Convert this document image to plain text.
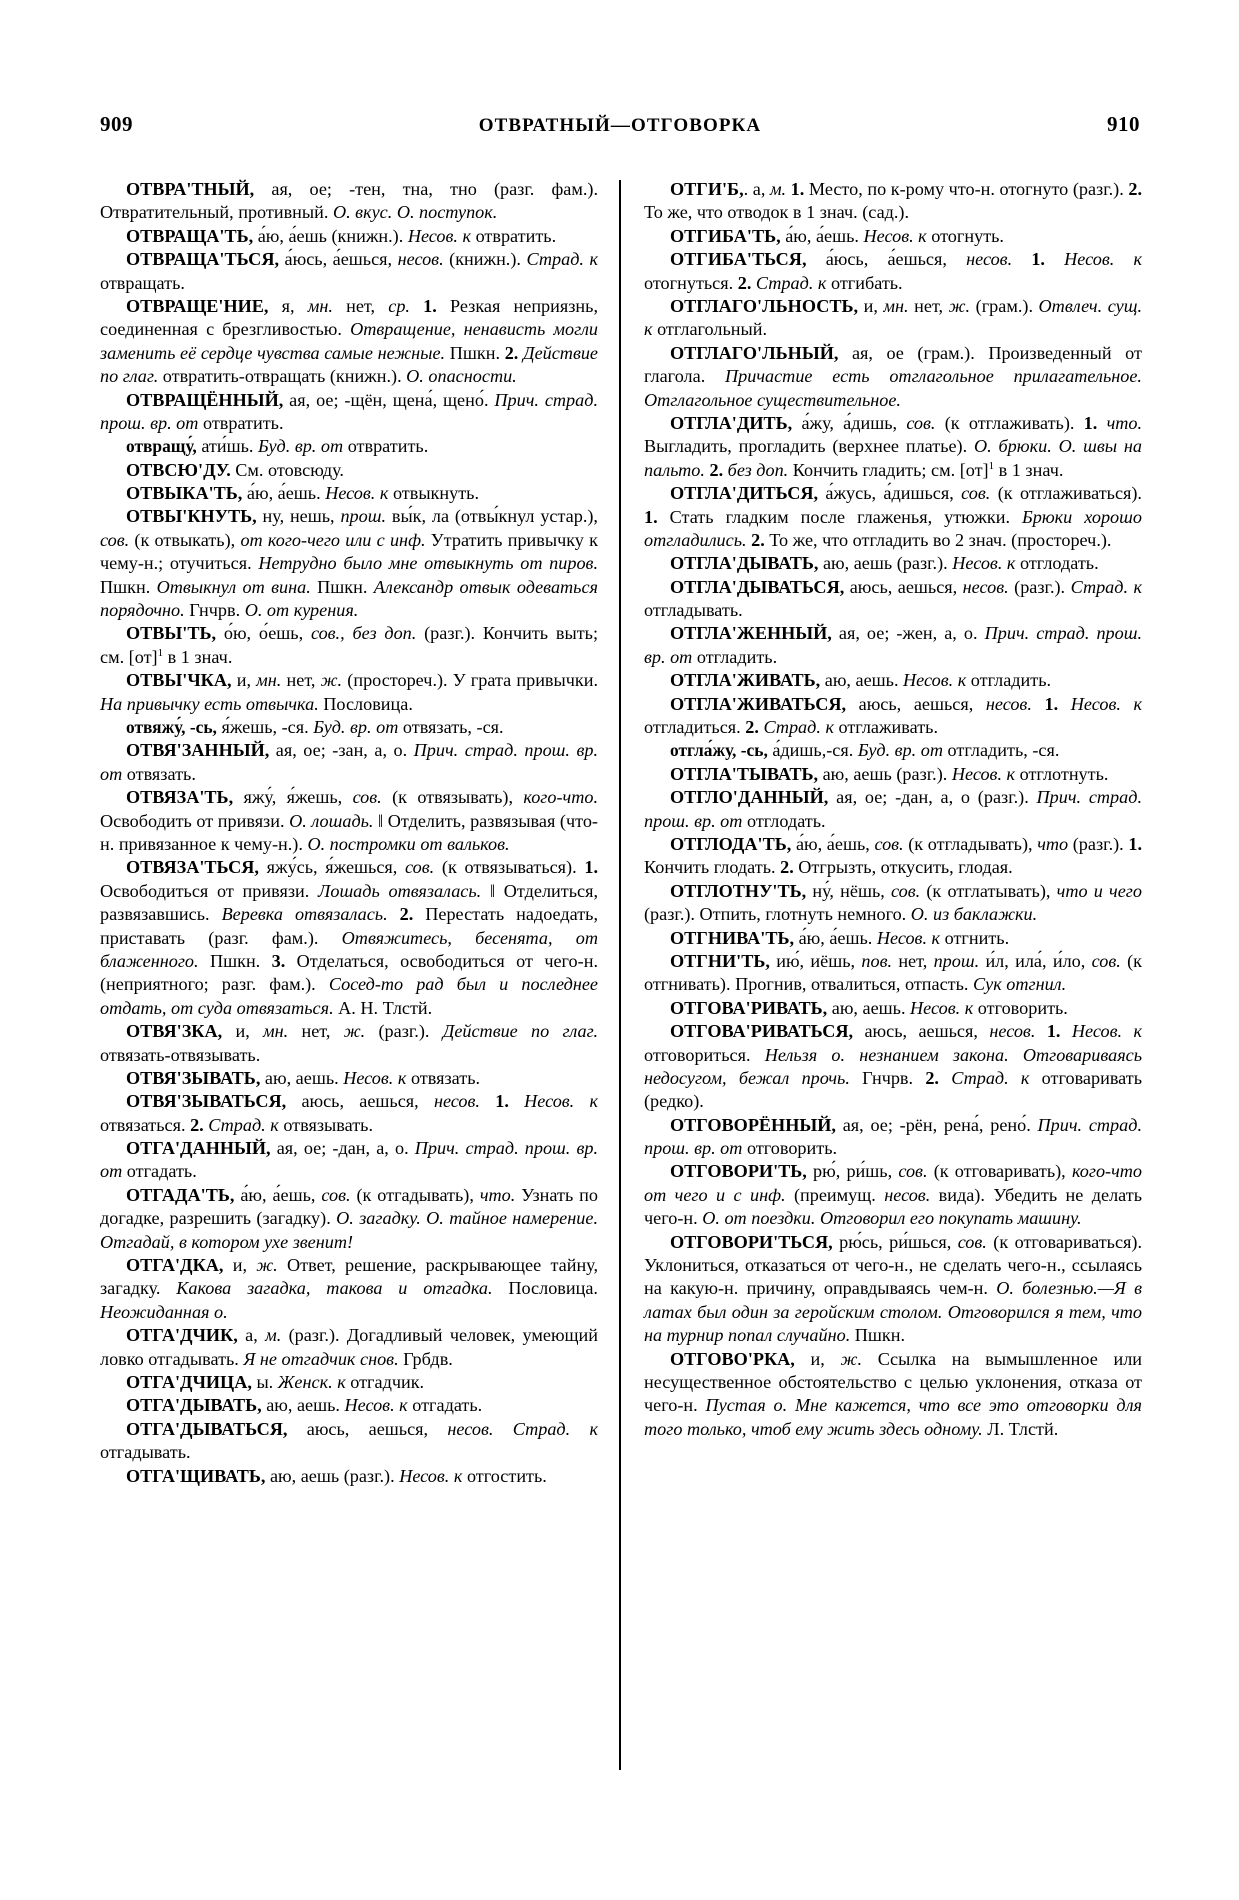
909	ОТВРАТНЫЙ—ОТГОВОРКА	910

ОТВРА'ТНЫЙ, ая, ое; -тен, тна, тно (разг. фам.). Отвратительный, противный. О. вкус. О. поступок.

ОТВРАЩА'ТЬ, а́ю, а́ешь (книжн.). Несов. к отвратить.

ОТВРАЩА'ТЬСЯ, а́юсь, а́ешься, несов. (книжн.). Страд. к отвращать.

ОТВРАЩЕ'НИЕ, я, мн. нет, ср. 1. Резкая неприязнь, соединенная с брезгливостью. Отвращение, ненависть могли заменить её сердце чувства самые нежные. Пшкн. 2. Действие по глаг. отвратить-отвращать (книжн.). О. опасности.

ОТВРАЩЁННЫЙ, ая, ое; -щён, щена́, щено́. Прич. страд. прош. вр. от отвратить.

отвращу́, ати́шь. Буд. вр. от отвратить.

ОТВСЮ'ДУ. См. отовсюду.

ОТВЫКА'ТЬ, а́ю, а́ешь. Несов. к отвыкнуть.

ОТВЫ'КНУТЬ, ну, нешь, прош. вы́к, ла (отвы́кнул устар.), сов. (к отвыкать), от кого-чего или с инф. Утратить привычку к чему-н.; отучиться. Нетрудно было мне отвыкнуть от пиров. Пшкн. Отвыкнул от вина. Пшкн. Александр отвык одеваться порядочно. Гнчрв. О. от курения.

ОТВЫ'ТЬ, о́ю, о́ешь, сов., без доп. (разг.). Кончить выть; см. [от]$^1$ в 1 знач.

ОТВЫ'ЧКА, и, мн. нет, ж. (простореч.). У грата привычки. На привычку есть отвычка. Пословица.

отвяжу́, -сь, я́жешь, -ся. Буд. вр. от отвязать, -ся.

ОТВЯ'ЗАННЫЙ, ая, ое; -зан, а, о. Прич. страд. прош. вр. от отвязать.

ОТВЯЗА'ТЬ, яжу́, я́жешь, сов. (к отвязывать), кого-что. Освободить от привязи. О. лошадь. ‖ Отделить, развязывая (что-н. привязанное к чему-н.). О. постромки от вальков.

ОТВЯЗА'ТЬСЯ, яжу́сь, я́жешься, сов. (к отвязываться). 1. Освободиться от привязи. Лошадь отвязалась. ‖ Отделиться, развязавшись. Веревка отвязалась. 2. Перестать надоедать, приставать (разг. фам.). Отвяжитесь, бесенята, от блаженного. Пшкн. 3. Отделаться, освободиться от чего-н. (неприятного; разг. фам.). Сосед-то рад был и последнее отдать, от суда отвязаться. А. Н. Тлстй.

ОТВЯ'ЗКА, и, мн. нет, ж. (разг.). Действие по глаг. отвязать-отвязывать.

ОТВЯ'ЗЫВАТЬ, аю, аешь. Несов. к отвязать.

ОТВЯ'ЗЫВАТЬСЯ, аюсь, аешься, несов. 1. Несов. к отвязаться. 2. Страд. к отвязывать.

ОТГА'ДАННЫЙ, ая, ое; -дан, а, о. Прич. страд. прош. вр. от отгадать.

ОТГАДА'ТЬ, а́ю, а́ешь, сов. (к отгадывать), что. Узнать по догадке, разрешить (загадку). О. загадку. О. тайное намерение. Отгадай, в котором ухе звенит!

ОТГА'ДКА, и, ж. Ответ, решение, раскрывающее тайну, загадку. Какова загадка, такова и отгадка. Пословица. Неожиданная о.

ОТГА'ДЧИК, а, м. (разг.). Догадливый человек, умеющий ловко отгадывать. Я не отгадчик снов. Грбдв.

ОТГА'ДЧИЦА, ы. Женск. к отгадчик.

ОТГА'ДЫВАТЬ, аю, аешь. Несов. к отгадать.

ОТГА'ДЫВАТЬСЯ, аюсь, аешься, несов. Страд. к отгадывать.

ОТГА'ЩИВАТЬ, аю, аешь (разг.). Несов. к отгостить.

ОТГИ'Б,. а, м. 1. Место, по к-рому что-н. отогнуто (разг.). 2. То же, что отводок в 1 знач. (сад.).

ОТГИБА'ТЬ, а́ю, а́ешь. Несов. к отогнуть.

ОТГИБА'ТЬСЯ, а́юсь, а́ешься, несов. 1. Несов. к отогнуться. 2. Страд. к отгибать.

ОТГЛАГО'ЛЬНОСТЬ, и, мн. нет, ж. (грам.). Отвлеч. сущ. к отглагольный.

ОТГЛАГО'ЛЬНЫЙ, ая, ое (грам.). Произведенный от глагола. Причастие есть отглагольное прилагательное. Отглагольное существительное.

ОТГЛА'ДИТЬ, а́жу, а́дишь, сов. (к отглаживать). 1. что. Выгладить, прогладить (верхнее платье). О. брюки. О. швы на пальто. 2. без доп. Кончить гладить; см. [от]$^1$ в 1 знач.

ОТГЛА'ДИТЬСЯ, а́жусь, а́дишься, сов. (к отглаживаться). 1. Стать гладким после глаженья, утюжки. Брюки хорошо отгладились. 2. То же, что отгладить во 2 знач. (простореч.).

ОТГЛА'ДЫВАТЬ, аю, аешь (разг.). Несов. к отглодать.

ОТГЛА'ДЫВАТЬСЯ, аюсь, аешься, несов. (разг.). Страд. к отгладывать.

ОТГЛА'ЖЕННЫЙ, ая, ое; -жен, а, о. Прич. страд. прош. вр. от отгладить.

ОТГЛА'ЖИВАТЬ, аю, аешь. Несов. к отгладить.

ОТГЛА'ЖИВАТЬСЯ, аюсь, аешься, несов. 1. Несов. к отгладиться. 2. Страд. к отглаживать.

отгла́жу, -сь, а́дишь,-ся. Буд. вр. от отгладить, -ся.

ОТГЛА'ТЫВАТЬ, аю, аешь (разг.). Несов. к отглотнуть.

ОТГЛО'ДАННЫЙ, ая, ое; -дан, а, о (разг.). Прич. страд. прош. вр. от отглодать.

ОТГЛОДА'ТЬ, а́ю, а́ешь, сов. (к отгладывать), что (разг.). 1. Кончить глодать. 2. Отгрызть, откусить, глодая.

ОТГЛОТНУ'ТЬ, ну́, нёшь, сов. (к отглатывать), что и чего (разг.). Отпить, глотнуть немного. О. из баклажки.

ОТГНИВА'ТЬ, а́ю, а́ешь. Несов. к отгнить.

ОТГНИ'ТЬ, ию́, иёшь, пов. нет, прош. и́л, ила́, и́ло, сов. (к отгнивать). Прогнив, отвалиться, отпасть. Сук отгнил.

ОТГОВА'РИВАТЬ, аю, аешь. Несов. к отговорить.

ОТГОВА'РИВАТЬСЯ, аюсь, аешься, несов. 1. Несов. к отговориться. Нельзя о. незнанием закона. Отговариваясь недосугом, бежал прочь. Гнчрв. 2. Страд. к отговаривать (редко).

ОТГОВОРЁННЫЙ, ая, ое; -рён, рена́, рено́. Прич. страд. прош. вр. от отговорить.

ОТГОВОРИ'ТЬ, рю́, ри́шь, сов. (к отговаривать), кого-что от чего и с инф. (преимущ. несов. вида). Убедить не делать чего-н. О. от поездки. Отговорил его покупать машину.

ОТГОВОРИ'ТЬСЯ, рю́сь, ри́шься, сов. (к отговариваться). Уклониться, отказаться от чего-н., не сделать чего-н., ссылаясь на какую-н. причину, оправдываясь чем-н. О. болезнью.—Я в латах был один за геройским столом. Отговорился я тем, что на турнир попал случайно. Пшкн.

ОТГОВО'РКА, и, ж. Ссылка на вымышленное или несущественное обстоятельство с целью уклонения, отказа от чего-н. Пустая о. Мне кажется, что все это отговорки для того только, чтоб ему жить здесь одному. Л. Тлстй.
